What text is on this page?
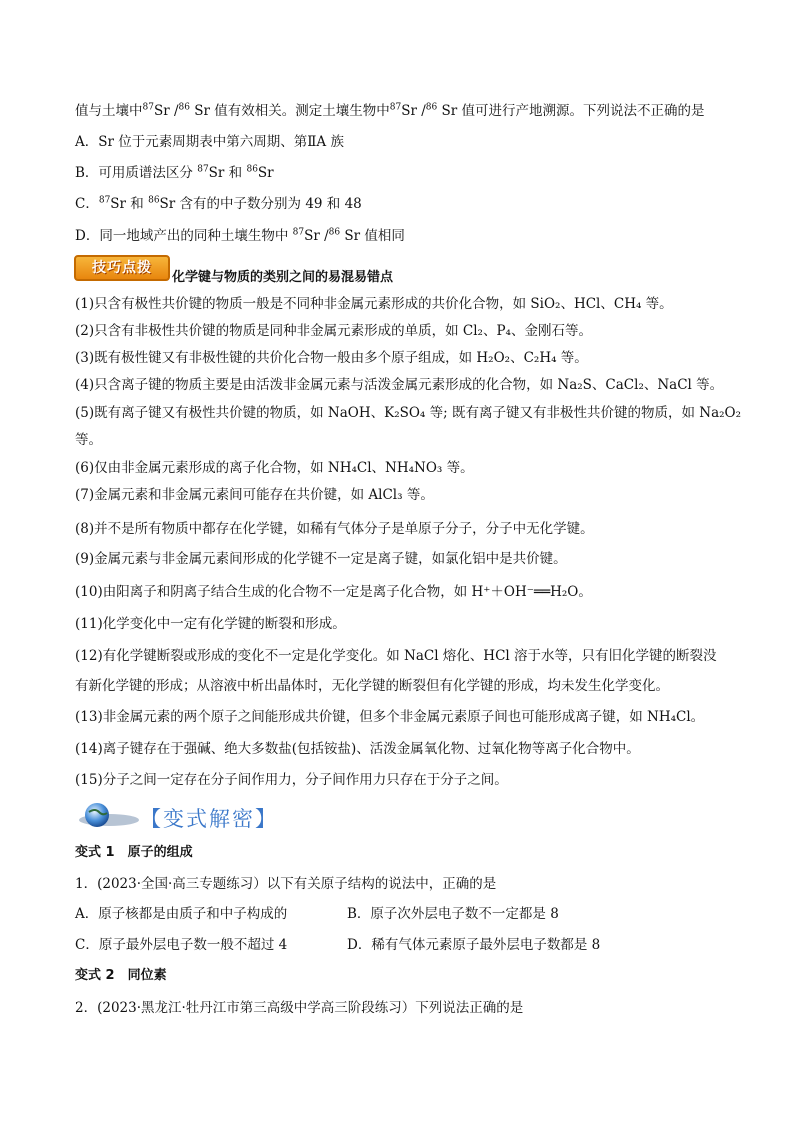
值与土壤中$^{87}$Sr /$^{86}$ Sr 值有效相关。测定土壤生物中$^{87}$Sr /$^{86}$ Sr 值可进行产地溯源。下列说法不正确的是
A．Sr 位于元素周期表中第六周期、第ⅡA 族
B．可用质谱法区分 $^{87}$Sr 和 $^{86}$Sr
C．$^{87}$Sr 和 $^{86}$Sr 含有的中子数分别为 49 和 48
D．同一地域产出的同种土壤生物中 $^{87}$Sr /$^{86}$ Sr 值相同
技巧点拨
化学键与物质的类别之间的易混易错点
(1)只含有极性共价键的物质一般是不同种非金属元素形成的共价化合物，如 SiO₂、HCl、CH₄ 等。
(2)只含有非极性共价键的物质是同种非金属元素形成的单质，如 Cl₂、P₄、金刚石等。
(3)既有极性键又有非极性键的共价化合物一般由多个原子组成，如 H₂O₂、C₂H₄ 等。
(4)只含离子键的物质主要是由活泼非金属元素与活泼金属元素形成的化合物，如 Na₂S、CaCl₂、NaCl 等。
(5)既有离子键又有极性共价键的物质，如 NaOH、K₂SO₄ 等; 既有离子键又有非极性共价键的物质，如 Na₂O₂
等。
(6)仅由非金属元素形成的离子化合物，如 NH₄Cl、NH₄NO₃ 等。
(7)金属元素和非金属元素间可能存在共价键，如 AlCl₃ 等。
(8)并不是所有物质中都存在化学键，如稀有气体分子是单原子分子，分子中无化学键。
(9)金属元素与非金属元素间形成的化学键不一定是离子键，如氯化铝中是共价键。
(10)由阳离子和阴离子结合生成的化合物不一定是离子化合物，如 H⁺＋OH⁻══H₂O。
(11)化学变化中一定有化学键的断裂和形成。
(12)有化学键断裂或形成的变化不一定是化学变化。如 NaCl 熔化、HCl 溶于水等，只有旧化学键的断裂没
有新化学键的形成；从溶液中析出晶体时，无化学键的断裂但有化学键的形成，均未发生化学变化。
(13)非金属元素的两个原子之间能形成共价键，但多个非金属元素原子间也可能形成离子键，如 NH₄Cl。
(14)离子键存在于强碱、绝大多数盐(包括铵盐)、活泼金属氧化物、过氧化物等离子化合物中。
(15)分子之间一定存在分子间作用力，分子间作用力只存在于分子之间。
【变式解密】
变式 1　原子的组成
1．(2023·全国·高三专题练习）以下有关原子结构的说法中，正确的是
A．原子核都是由质子和中子构成的	B．原子次外层电子数不一定都是 8
C．原子最外层电子数一般不超过 4	D．稀有气体元素原子最外层电子数都是 8
变式 2　同位素
2．(2023·黑龙江·牡丹江市第三高级中学高三阶段练习）下列说法正确的是
